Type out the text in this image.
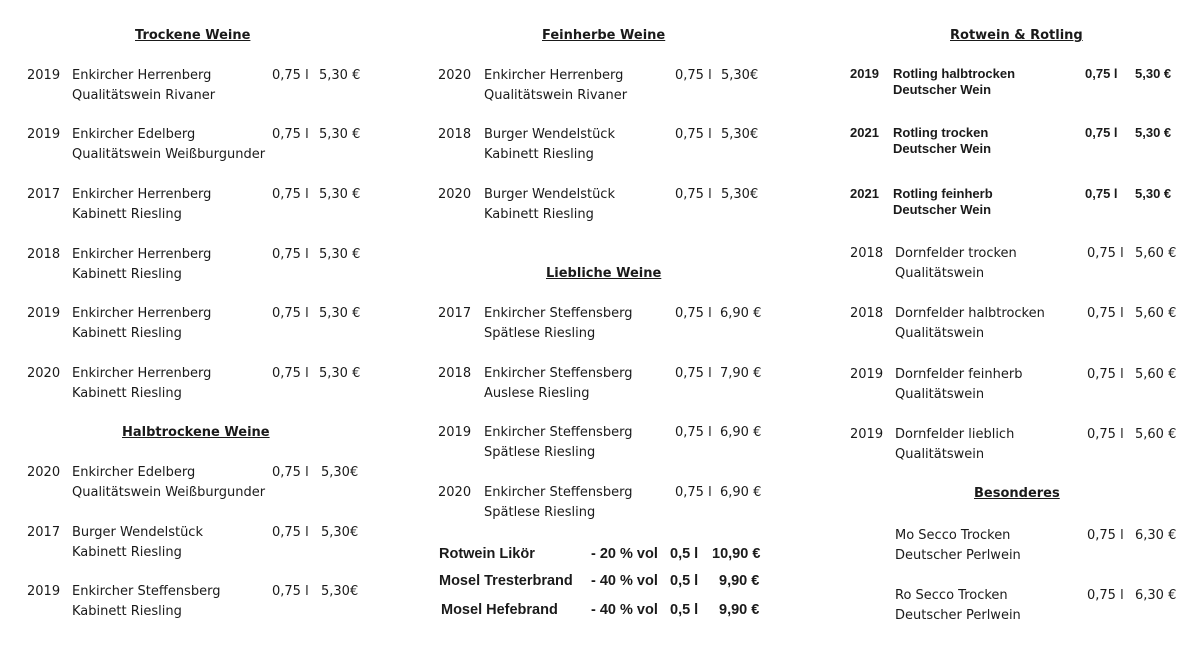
Trockene Weine
2019 Enkircher Herrenberg
Qualitätswein Rivaner
0,75 l 5,30 €
2019 Enkircher Edelberg
Qualitätswein Weißburgunder
0,75 l 5,30 €
2017 Enkircher Herrenberg
Kabinett Riesling
0,75 l 5,30 €
2018 Enkircher Herrenberg
Kabinett Riesling
0,75 l 5,30 €
2019 Enkircher Herrenberg
Kabinett Riesling
0,75 l 5,30 €
2020 Enkircher Herrenberg
Kabinett Riesling
0,75 l 5,30 €
Halbtrockene Weine
2020 Enkircher Edelberg
Qualitätswein Weißburgunder
0,75 l 5,30€
2017 Burger Wendelstück
Kabinett Riesling
0,75 l 5,30€
2019 Enkircher Steffensberg
Kabinett Riesling
0,75 l 5,30€
Feinherbe Weine
2020 Enkircher Herrenberg
Qualitätswein Rivaner
0,75 l 5,30€
2018 Burger Wendelstück
Kabinett Riesling
0,75 l 5,30€
2020 Burger Wendelstück
Kabinett Riesling
0,75 l 5,30€
Liebliche Weine
2017 Enkircher Steffensberg
Spätlese Riesling
0,75 l 6,90 €
2018 Enkircher Steffensberg
Auslese Riesling
0,75 l 7,90 €
2019 Enkircher Steffensberg
Spätlese Riesling
0,75 l 6,90 €
2020 Enkircher Steffensberg
Spätlese Riesling
0,75 l 6,90 €
Rotwein Likör	- 20 % vol 0,5 l 10,90 €
Mosel Tresterbrand - 40 % vol 0,5 l 9,90 €
Mosel Hefebrand - 40 % vol 0,5 l 9,90 €
Rotwein & Rotling
2019 Rotling halbtrocken
Deutscher Wein
0,75 l 5,30 €
2021 Rotling trocken
Deutscher Wein
0,75 l 5,30 €
2021 Rotling feinherb
Deutscher Wein
0,75 l 5,30 €
2018 Dornfelder trocken
Qualitätswein
0,75 l 5,60 €
2018 Dornfelder halbtrocken
Qualitätswein
0,75 l 5,60 €
2019 Dornfelder feinherb
Qualitätswein
0,75 l 5,60 €
2019 Dornfelder lieblich
Qualitätswein
0,75 l 5,60 €
Besonderes
Mo Secco Trocken
Deutscher Perlwein
0,75 l 6,30 €
Ro Secco Trocken
Deutscher Perlwein
0,75 l 6,30 €
